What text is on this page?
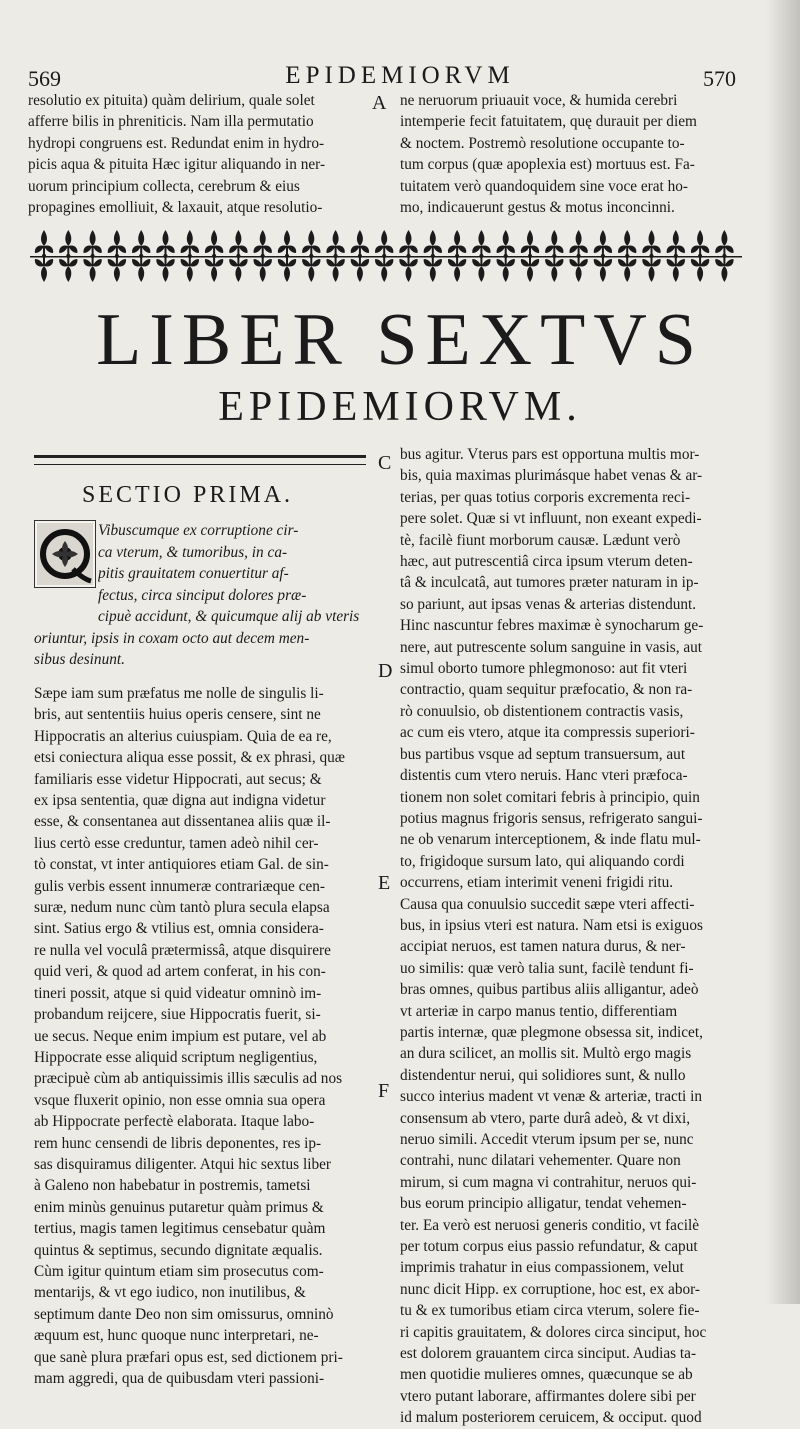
569	EPIDEMIORVM	570
resolutio ex pituita) quàm delirium, quale solet
afferre bilis in phreniticis. Nam illa permutatio
hydropi congruens est. Redundat enim in hydro-
picis aqua & pituita Hæc igitur aliquando in ner-
uorum principium collecta, cerebrum & eius
propagines emolliuit, & laxauit, atque resolutio-
ne neruorum priuauit voce, & humida cerebri
intemperie fecit fatuitatem, quę durauit per diem
& noctem. Postremò resolutione occupante to-
tum corpus (quæ apoplexia est) mortuus est. Fa-
tuitatem verò quandoquidem sine voce erat ho-
mo, indicauerunt gestus & motus inconcinni.
A
C
D
E
F
LIBER SEXTVS
EPIDEMIORVM.
SECTIO PRIMA.
Vibuscumque ex corruptione cir-
ca vterum, & tumoribus, in ca-
pitis grauitatem conuertitur af-
fectus, circa sinciput dolores præ-
cipuè accidunt, & quicumque alij ab vteris
oriuntur, ipsis in coxam octo aut decem men-
sibus desinunt.
Sæpe iam sum præfatus me nolle de singulis li-
bris, aut sententiis huius operis censere, sint ne
Hippocratis an alterius cuiuspiam. Quia de ea re,
etsi coniectura aliqua esse possit, & ex phrasi, quæ
familiaris esse videtur Hippocrati, aut secus; &
ex ipsa sententia, quæ digna aut indigna videtur
esse, & consentanea aut dissentanea aliis quæ il-
lius certò esse creduntur, tamen adeò nihil cer-
tò constat, vt inter antiquiores etiam Gal. de sin-
gulis verbis essent innumeræ contrariæque cen-
suræ, nedum nunc cùm tantò plura secula elapsa
sint. Satius ergo & vtilius est, omnia considera-
re nulla vel voculâ prætermissâ, atque disquirere
quid veri, & quod ad artem conferat, in his con-
tineri possit, atque si quid videatur omninò im-
probandum reijcere, siue Hippocratis fuerit, si-
ue secus. Neque enim impium est putare, vel ab
Hippocrate esse aliquid scriptum negligentius,
præcipuè cùm ab antiquissimis illis sæculis ad nos
vsque fluxerit opinio, non esse omnia sua opera
ab Hippocrate perfectè elaborata. Itaque labo-
rem hunc censendi de libris deponentes, res ip-
sas disquiramus diligenter. Atqui hic sextus liber
à Galeno non habebatur in postremis, tametsi
enim minùs genuinus putaretur quàm primus &
tertius, magis tamen legitimus censebatur quàm
quintus & septimus, secundo dignitate æqualis.
Cùm igitur quintum etiam sim prosecutus com-
mentarijs, & vt ego iudico, non inutilibus, &
septimum dante Deo non sim omissurus, omninò
æquum est, hunc quoque nunc interpretari, ne-
que sanè plura præfari opus est, sed dictionem pri-
mam aggredi, qua de quibusdam vteri passioni-
bus agitur. Vterus pars est opportuna multis mor-
bis, quia maximas plurimásque habet venas & ar-
terias, per quas totius corporis excrementa reci-
pere solet. Quæ si vt influunt, non exeant expedi-
tè, facilè fiunt morborum causæ. Lædunt verò
hæc, aut putrescentiâ circa ipsum vterum deten-
tâ & inculcatâ, aut tumores præter naturam in ip-
so pariunt, aut ipsas venas & arterias distendunt.
Hinc nascuntur febres maximæ è synocharum ge-
nere, aut putrescente solum sanguine in vasis, aut
simul oborto tumore phlegmonoso: aut fit vteri
contractio, quam sequitur præfocatio, & non ra-
rò conuulsio, ob distentionem contractis vasis,
ac cum eis vtero, atque ita compressis superiori-
bus partibus vsque ad septum transuersum, aut
distentis cum vtero neruis. Hanc vteri præfoca-
tionem non solet comitari febris à principio, quin
potius magnus frigoris sensus, refrigerato sangui-
ne ob venarum interceptionem, & inde flatu mul-
to, frigidoque sursum lato, qui aliquando cordi
occurrens, etiam interimit veneni frigidi ritu.
Causa qua conuulsio succedit sæpe vteri affecti-
bus, in ipsius vteri est natura. Nam etsi is exiguos
accipiat neruos, est tamen natura durus, & ner-
uo similis: quæ verò talia sunt, facilè tendunt fi-
bras omnes, quibus partibus aliis alligantur, adeò
vt arteriæ in carpo manus tentio, differentiam
partis internæ, quæ plegmone obsessa sit, indicet,
an dura scilicet, an mollis sit. Multò ergo magis
distendentur nerui, qui solidiores sunt, & nullo
succo interius madent vt venæ & arteriæ, tracti in
consensum ab vtero, parte durâ adeò, & vt dixi,
neruo simili. Accedit vterum ipsum per se, nunc
contrahi, nunc dilatari vehementer. Quare non
mirum, si cum magna vi contrahitur, neruos qui-
bus eorum principio alligatur, tendat vehemen-
ter. Ea verò est neruosi generis conditio, vt facilè
per totum corpus eius passio refundatur, & caput
imprimis trahatur in eius compassionem, velut
nunc dicit Hipp. ex corruptione, hoc est, ex abor-
tu & ex tumoribus etiam circa vterum, solere fie-
ri capitis grauitatem, & dolores circa sinciput, hoc
est dolorem grauantem circa sinciput. Audias ta-
men quotidie mulieres omnes, quæcunque se ab
vtero putant laborare, affirmantes dolere sibi per
id malum posteriorem ceruicem, & occiput. quod
